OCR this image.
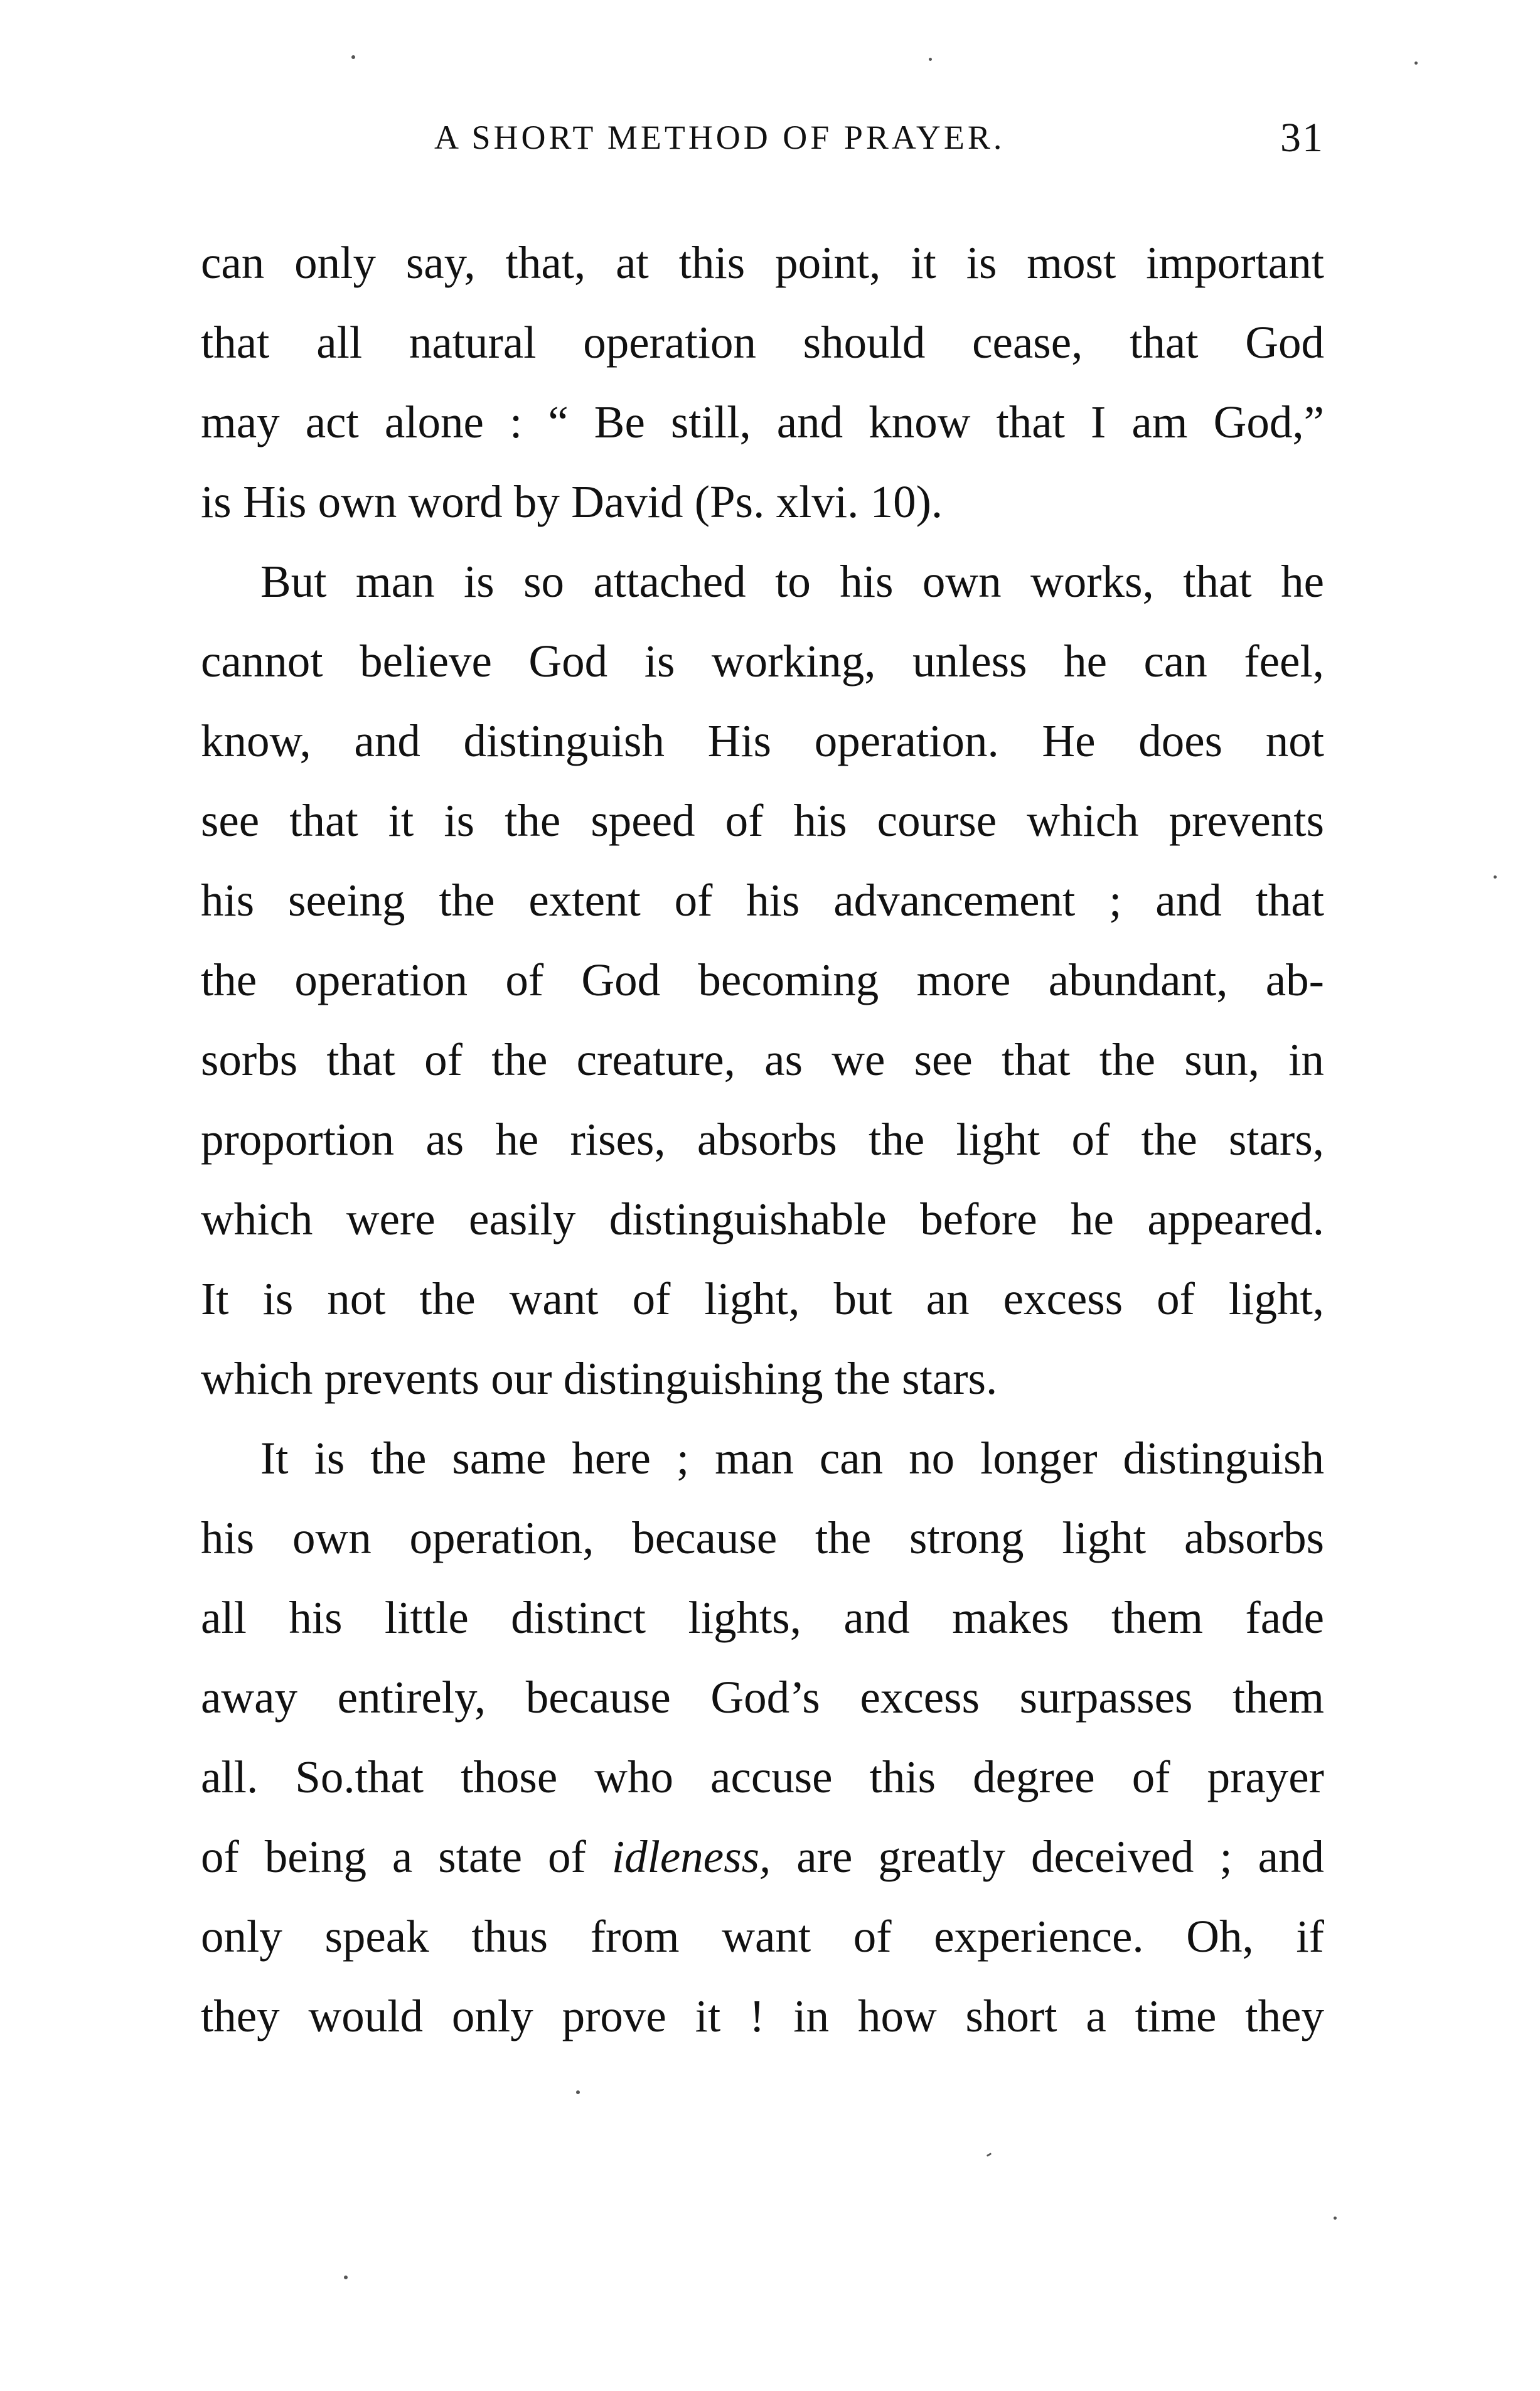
A SHORT METHOD OF PRAYER.	31
can only say, that, at this point, it is most important
that all natural operation should cease, that God
may act alone : “ Be still, and know that I am God,”
is His own word by David (Ps. xlvi. 10).
But man is so attached to his own works, that he
cannot believe God is working, unless he can feel,
know, and distinguish His operation. He does not
see that it is the speed of his course which prevents
his seeing the extent of his advancement ; and that
the operation of God becoming more abundant, ab-
sorbs that of the creature, as we see that the sun, in
proportion as he rises, absorbs the light of the stars,
which were easily distinguishable before he appeared.
It is not the want of light, but an excess of light,
which prevents our distinguishing the stars.
It is the same here ; man can no longer distinguish
his own operation, because the strong light absorbs
all his little distinct lights, and makes them fade
away entirely, because God’s excess surpasses them
all. So.that those who accuse this degree of prayer
of being a state of idleness, are greatly deceived ; and
only speak thus from want of experience. Oh, if
they would only prove it ! in how short a time they
